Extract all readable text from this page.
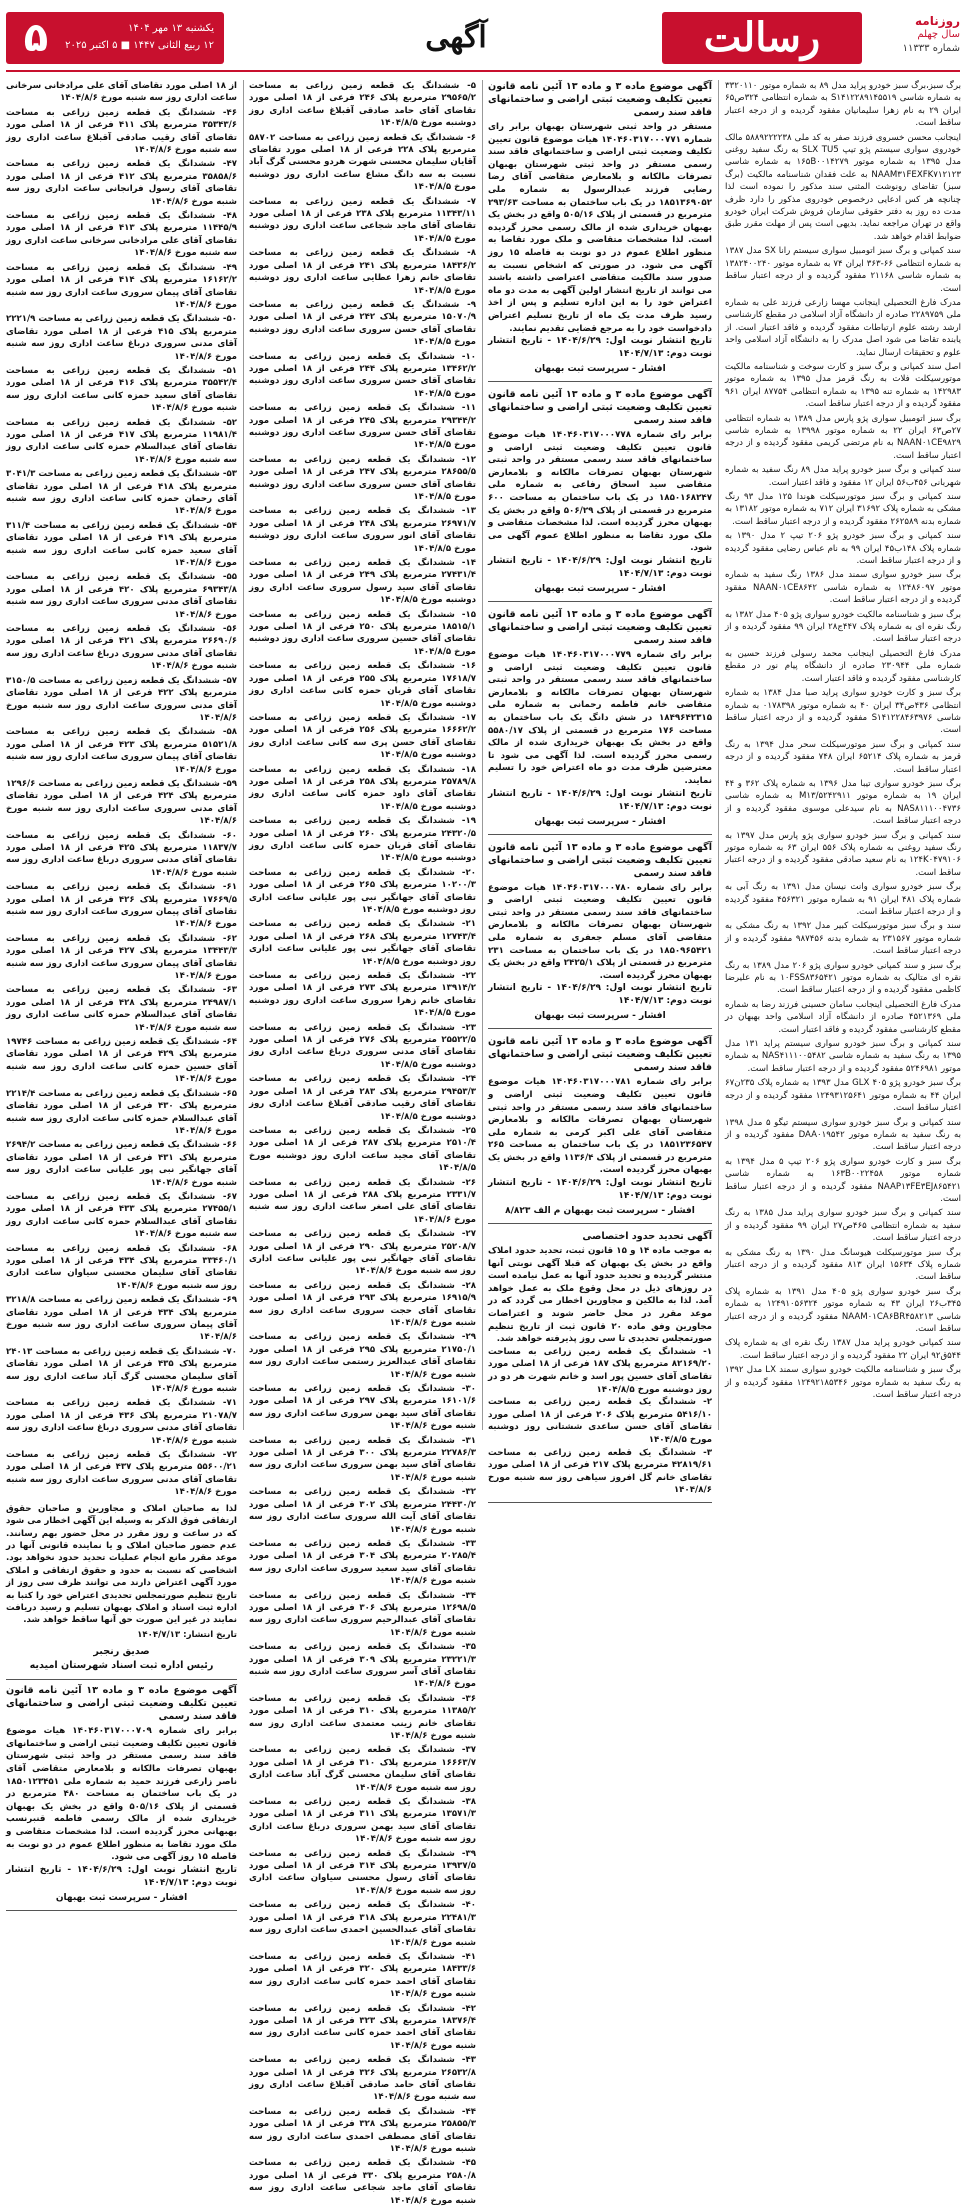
رسالت	روزنامه
سال چهلم
شماره ۱۱۳۳۳
آگهی
۵	یکشنبه ۱۳ مهر ۱۴۰۴
۱۲ ربیع الثانی ۱۴۴۷ ■ ۵ اکتبر ۲۰۲۵
برگ سبز،برگ سبز خودرو پراید مدل ۸۹ به شماره موتور ۳۳۲۰۱۱۰ به شماره شاسی S۱۴۱۲۲۸۹۱۴۵۵۱۹ به شماره انتظامی ۳۲۴ص۶۵ ایران ۲۹ به نام زهرا سلیمانیان مفقود گردیده و از درجه اعتبار ساقط است.
اینجانب محسن خسروی فرزند صفر به کد ملی ۵۸۸۹۲۲۲۲۳۸ مالک خودروی سواری سیستم پژو تیپ SLX TU5 به رنگ سفید روغنی مدل ۱۳۹۵ به شماره موتور ۱۶۵B۰۰۱۴۲۷۹ به شماره شاسی NAAM۳۱FEXFK۷۱۲۱۲۳ به علت فقدان شناسنامه مالکیت (برگ سبز) تقاضای رونوشت المثنی سند مذکور را نموده است لذا چنانچه هر کس ادعایی درخصوص خودروی مذکور را دارد ظرف مدت ده روز به دفتر حقوقی سازمان فروش شرکت ایران خودرو واقع در تهران مراجعه نماید. بدیهی است پس از مهلت مقرر طبق ضوابط اقدام خواهد شد.
سند کمپانی و برگ سبز اتومبیل سواری سیستم رانا SX مدل ۱۳۸۷ به شماره انتظامی ۶۶-۳۶۳ ایران ۷۴ به شماره موتور ۱۳۸۲۴۰۰۲۴۰ به شماره شاسی ۲۱۱۶۸ مفقود گردیده و از درجه اعتبار ساقط است.
مدرک فارغ التحصیلی اینجانب مهسا زارعی فرزند علی به شماره ملی ۲۲۸۹۷۵۹ صادره از دانشگاه آزاد اسلامی در مقطع کارشناسی ارشد رشته علوم ارتباطات مفقود گردیده و فاقد اعتبار است. از یابنده تقاضا می شود اصل مدرک را به دانشگاه آزاد اسلامی واحد علوم و تحقیقات ارسال نماید.
اصل سند کمپانی و برگ سبز و کارت سوخت و شناسنامه مالکیت موتورسیکلت فلات به رنگ قرمز مدل ۱۳۹۵ به شماره موتور ۱۴۲۹۸۳ به شماره تنه ۱۳۹۵ به شماره انتظامی ۸۷۷۵۴ ایران ۹۶۱ مفقود گردیده و از درجه اعتبار ساقط است.
برگ سبز اتومبیل سواری پژو پارس مدل ۱۳۸۹ به شماره انتظامی ۲۷ص۶۳ ایران ۲۲ به شماره موتور ۱۳۹۹۸ به شماره شاسی NAAN۰۱CE۹۸۲۹ به نام مرتضی کریمی مفقود گردیده و از درجه اعتبار ساقط است.
سند کمپانی و برگ سبز خودرو پراید مدل ۸۹ رنگ سفید به شماره شهربانی ۴۵۶ب۵۶ ایران ۱۲ مفقود و فاقد اعتبار است.
سند کمپانی و برگ سبز موتورسیکلت هوندا ۱۲۵ مدل ۹۳ رنگ مشکی به شماره پلاک ۳۱۶۹۲ ایران ۷۱۲ به شماره موتور ۱۳۱۸۲ به شماره بدنه ۲۶۲۵۸۹ مفقود گردیده و از درجه اعتبار ساقط است.
سند کمپانی و برگ سبز خودرو پژو ۲۰۶ تیپ ۲ مدل ۱۳۹۰ به شماره پلاک ۱۴۸ب۴۵ ایران ۹۹ به نام عباس رضایی مفقود گردیده و از درجه اعتبار ساقط است.
برگ سبز خودرو سواری سمند مدل ۱۳۸۶ رنگ سفید به شماره موتور ۱۲۴۸۶۰۹۷ به شماره شاسی NAAN۰۱CE۸۶۴۲ مفقود گردیده و از درجه اعتبار ساقط است.
برگ سبز و شناسنامه مالکیت خودرو سواری پژو ۴۰۵ مدل ۱۳۸۲ به رنگ نقره ای به شماره پلاک ۴۴۷ج۲۸ ایران ۹۹ مفقود گردیده و از درجه اعتبار ساقط است.
مدرک فارغ التحصیلی اینجانب محمد رسولی فرزند حسین به شماره ملی ۲۳۰۹۴۴ صادره از دانشگاه پیام نور در مقطع کارشناسی مفقود گردیده و فاقد اعتبار است.
برگ سبز و کارت خودرو سواری پراید صبا مدل ۱۳۸۴ به شماره انتظامی ۴۳۶ص۳۴ ایران ۴۰ به شماره موتور ۰۱۷۸۳۹۸ به شماره شاسی S۱۴۱۲۲۸۴۶۳۹۷۶ مفقود گردیده و از درجه اعتبار ساقط است.
سند کمپانی و برگ سبز موتورسیکلت سحر مدل ۱۳۹۴ به رنگ قرمز به شماره پلاک ۶۵۲۱۴ ایران ۷۴۸ مفقود گردیده و از درجه اعتبار ساقط است.
برگ سبز خودرو سواری تیبا مدل ۱۳۹۶ به شماره پلاک ۳۶۲ و ۴۴ ایران ۱۹ به شماره موتور M۱۳/۵۲۴۲۹۱۱ به شماره شاسی NAS۸۱۱۱۰۰۴۷۳۶ به نام سیدعلی موسوی مفقود گردیده و از درجه اعتبار ساقط است.
سند کمپانی و برگ سبز خودرو سواری پژو پارس مدل ۱۳۹۷ به رنگ سفید روغنی به شماره پلاک ۵۵۶ ایران ۶۳ به شماره موتور ۱۲۴K۰۴۷۹۱۰۶ به نام سعید صادقی مفقود گردیده و از درجه اعتبار ساقط است.
برگ سبز خودرو سواری وانت نیسان مدل ۱۳۹۱ به رنگ آبی به شماره پلاک ۴۸۱ ایران ۹۱ به شماره موتور ۴۵۶۳۲۱ مفقود گردیده و از درجه اعتبار ساقط است.
سند و برگ سبز موتورسیکلت کبیر مدل ۱۳۹۲ به رنگ مشکی به شماره موتور ۲۳۱۵۶۷ به شماره بدنه ۹۸۷۴۵۶ مفقود گردیده و از درجه اعتبار ساقط است.
برگ سبز و سند کمپانی خودرو سواری پژو ۲۰۶ مدل ۱۳۸۹ به رنگ نقره ای متالیک به شماره موتور ۱۰FSS۸۳۶۵۴۲۱ به نام علیرضا کاظمی مفقود گردیده و از درجه اعتبار ساقط است.
مدرک فارغ التحصیلی اینجانب سامان حسینی فرزند رضا به شماره ملی ۴۵۲۱۳۶۹ صادره از دانشگاه آزاد اسلامی واحد بهبهان در مقطع کارشناسی مفقود گردیده و فاقد اعتبار است.
سند کمپانی و برگ سبز خودرو سواری سیستم پراید ۱۳۱ مدل ۱۳۹۵ به رنگ سفید به شماره شاسی NAS۴۱۱۱۰۰۵۴۸۲ به شماره موتور ۵۲۴۶۹۸۱ مفقود گردیده و از درجه اعتبار ساقط است.
برگ سبز خودرو پژو ۴۰۵ GLX مدل ۱۳۹۳ به شماره پلاک ۲۳۵ن۶۷ ایران ۴۴ به شماره موتور ۱۲۴۹۳۱۲۵۶۴۱ مفقود گردیده و از درجه اعتبار ساقط است.
سند کمپانی و برگ سبز خودرو سواری سیستم تیگو ۵ مدل ۱۳۹۸ به رنگ سفید به شماره موتور DAA۰۱۹۵۴۲ مفقود گردیده و از درجه اعتبار ساقط است.
برگ سبز و کارت خودرو سواری پژو ۲۰۶ تیپ ۵ مدل ۱۳۹۴ به شماره موتور ۱۶۳B۰۰۲۲۴۵۸ به شماره شاسی NAAP۱۳FE۳EJ۸۶۵۴۲۱ مفقود گردیده و از درجه اعتبار ساقط است.
سند کمپانی و برگ سبز خودرو سواری پراید مدل ۱۳۸۵ به رنگ سفید به شماره انتظامی ۴۶۵ص۲۷ ایران ۹۹ مفقود گردیده و از درجه اعتبار ساقط است.
برگ سبز موتورسیکلت هیوسانگ مدل ۱۳۹۰ به رنگ مشکی به شماره پلاک ۱۵۶۳۴ ایران ۸۱۳ مفقود گردیده و از درجه اعتبار ساقط است.
برگ سبز خودرو سواری پژو ۴۰۵ مدل ۱۳۹۱ به شماره پلاک ۳۴۵ب۲۶ ایران ۴۳ به شماره موتور ۱۲۴۹۱۰۵۶۳۲۴ به شماره شاسی NAAM۰۱CA۶BR۴۵۸۲۱۳ مفقود گردیده و از درجه اعتبار ساقط است.
سند کمپانی خودرو پراید مدل ۱۳۸۷ رنگ نقره ای به شماره پلاک ۵۴۴ق۹۲ ایران ۲۲ مفقود گردیده و از درجه اعتبار ساقط است.
برگ سبز و شناسنامه مالکیت خودرو سواری سمند LX مدل ۱۳۹۲ به رنگ سفید به شماره موتور ۱۲۴۹۲۱۸۵۳۴۶ مفقود گردیده و از درجه اعتبار ساقط است.
آگهی موضوع ماده ۳ و ماده ۱۳ آئین نامه قانون تعیین تکلیف وضعیت ثبتی اراضی و ساختمانهای فاقد سند رسمی
مستقر در واحد ثبتی شهرستان بهبهان برابر رای شماره ۱۴۰۴۶۰۳۱۷۰۰۰۷۷۱ هیات موضوع قانون تعیین تکلیف وضعیت ثبتی اراضی و ساختمانهای فاقد سند رسمی مستقر در واحد ثبتی شهرستان بهبهان تصرفات مالکانه و بلامعارض متقاضی آقای رضا رضایی فرزند عبدالرسول به شماره ملی ۱۸۵۱۳۶۹۰۵۲ در یک باب ساختمان به مساحت ۲۹۳/۶۳ مترمربع در قسمتی از پلاک ۵۰۵/۱۶ واقع در بخش یک بهبهان خریداری شده از مالک رسمی محرز گردیده است. لذا مشخصات متقاضی و ملک مورد تقاضا به منظور اطلاع عموم در دو نوبت به فاصله ۱۵ روز آگهی می شود. در صورتی که اشخاص نسبت به صدور سند مالکیت متقاضی اعتراضی داشته باشند می توانند از تاریخ انتشار اولین آگهی به مدت دو ماه اعتراض خود را به این اداره تسلیم و پس از اخذ رسید ظرف مدت یک ماه از تاریخ تسلیم اعتراض دادخواست خود را به مرجع قضایی تقدیم نمایند.
تاریخ انتشار نوبت اول: ۱۴۰۴/۶/۲۹ - تاریخ انتشار نوبت دوم: ۱۴۰۴/۷/۱۳
افشار - سرپرست ثبت بهبهان
آگهی موضوع ماده ۳ و ماده ۱۳ آئین نامه قانون تعیین تکلیف وضعیت ثبتی اراضی و ساختمانهای فاقد سند رسمی
برابر رای شماره ۱۴۰۴۶۰۳۱۷۰۰۰۷۷۸ هیات موضوع قانون تعیین تکلیف وضعیت ثبتی اراضی و ساختمانهای فاقد سند رسمی مستقر در واحد ثبتی شهرستان بهبهان تصرفات مالکانه و بلامعارض متقاضی سید اسحاق رفاعی به شماره ملی ۱۸۵۰۱۶۸۲۴۷ در یک باب ساختمان به مساحت ۶۰۰ مترمربع در قسمتی از پلاک ۵۰۶/۲۹ واقع در بخش یک بهبهان محرز گردیده است. لذا مشخصات متقاضی و ملک مورد تقاضا به منظور اطلاع عموم آگهی می شود.
تاریخ انتشار نوبت اول: ۱۴۰۴/۶/۲۹ - تاریخ انتشار نوبت دوم: ۱۴۰۴/۷/۱۳
افشار - سرپرست ثبت بهبهان
آگهی موضوع ماده ۳ و ماده ۱۳ آئین نامه قانون تعیین تکلیف وضعیت ثبتی اراضی و ساختمانهای فاقد سند رسمی
برابر رای شماره ۱۴۰۴۶۰۳۱۷۰۰۰۷۷۹ هیات موضوع قانون تعیین تکلیف وضعیت ثبتی اراضی و ساختمانهای فاقد سند رسمی مستقر در واحد ثبتی شهرستان بهبهان تصرفات مالکانه و بلامعارض متقاضی خانم فاطمه رحمانی به شماره ملی ۱۸۴۹۶۴۲۳۱۵ در شش دانگ یک باب ساختمان به مساحت ۱۷۶ مترمربع در قسمتی از پلاک ۵۵۸۰/۱۷ واقع در بخش یک بهبهان خریداری شده از مالک رسمی محرز گردیده است. لذا آگهی می شود تا معترضین ظرف مدت دو ماه اعتراض خود را تسلیم نمایند.
تاریخ انتشار نوبت اول: ۱۴۰۴/۶/۲۹ - تاریخ انتشار نوبت دوم: ۱۴۰۴/۷/۱۳
افشار - سرپرست ثبت بهبهان
آگهی موضوع ماده ۳ و ماده ۱۳ آئین نامه قانون تعیین تکلیف وضعیت ثبتی اراضی و ساختمانهای فاقد سند رسمی
برابر رای شماره ۱۴۰۴۶۰۳۱۷۰۰۰۷۸۰ هیات موضوع قانون تعیین تکلیف وضعیت ثبتی اراضی و ساختمانهای فاقد سند رسمی مستقر در واحد ثبتی شهرستان بهبهان تصرفات مالکانه و بلامعارض متقاضی آقای مسلم جعفری به شماره ملی ۱۸۵۰۹۶۵۴۲۱ در یک باب ساختمان به مساحت ۲۳۱ مترمربع در قسمتی از پلاک ۲۴۲۵/۱ واقع در بخش یک بهبهان محرز گردیده است.
تاریخ انتشار نوبت اول: ۱۴۰۴/۶/۲۹ - تاریخ انتشار نوبت دوم: ۱۴۰۴/۷/۱۳
افشار - سرپرست ثبت بهبهان
آگهی موضوع ماده ۳ و ماده ۱۳ آئین نامه قانون تعیین تکلیف وضعیت ثبتی اراضی و ساختمانهای فاقد سند رسمی
برابر رای شماره ۱۴۰۴۶۰۳۱۷۰۰۰۷۸۱ هیات موضوع قانون تعیین تکلیف وضعیت ثبتی اراضی و ساختمانهای فاقد سند رسمی مستقر در واحد ثبتی شهرستان بهبهان تصرفات مالکانه و بلامعارض متقاضی آقای علی اکبر کرمی به شماره ملی ۱۸۵۱۲۳۶۵۴۷ در یک باب ساختمان به مساحت ۲۶۵ مترمربع در قسمتی از پلاک ۱۱۳۶/۴ واقع در بخش یک بهبهان محرز گردیده است.
تاریخ انتشار نوبت اول: ۱۴۰۴/۶/۲۹ - تاریخ انتشار نوبت دوم: ۱۴۰۴/۷/۱۳
افشار - سرپرست ثبت بهبهان م الف ۸/۸۲۳
آگهی تحدید حدود اختصاصی
به موجب ماده ۱۴ و ۱۵ قانون ثبت، تحدید حدود املاک واقع در بخش یک بهبهان که قبلا آگهی نوبتی آنها منتشر گردیده و تحدید حدود آنها به عمل نیامده است در روزهای ذیل در محل وقوع ملک به عمل خواهد آمد. لذا به مالکین و مجاورین اخطار می گردد که در موعد مقرر در محل حاضر شوند و اعتراضات مجاورین وفق ماده ۲۰ قانون ثبت از تاریخ تنظیم صورتمجلس تحدیدی تا سی روز پذیرفته خواهد شد.
۱- ششدانگ یک قطعه زمین زراعی به مساحت ۸۲۱۶۹/۲۰ مترمربع پلاک ۱۸۷ فرعی از ۱۸ اصلی مورد تقاضای آقای حسین پور اسد و خانم شهرت هر دو در روز دوشنبه مورخ ۱۴۰۴/۸/۵
۲- ششدانگ یک قطعه زمین زراعی به مساحت ۵۴۱۶/۱۰ مترمربع پلاک ۲۰۶ فرعی از ۱۸ اصلی مورد تقاضای آقای حسن ساعدی ششتانی روز دوشنبه مورخ ۱۴۰۴/۸/۵
۳- ششدانگ یک قطعه زمین زراعی به مساحت ۴۲۸۱۹/۶۱ مترمربع پلاک ۲۱۷ فرعی از ۱۸ اصلی مورد تقاضای خانم گل افروز سیاهی روز سه شنبه مورخ ۱۴۰۴/۸/۶
۵- ششدانگ یک قطعه زمین زراعی به مساحت ۲۹۵۶۵/۲ مترمربع پلاک ۲۴۶ فرعی از ۱۸ اصلی مورد تقاضای آقای حامد صادقی آقبلاغ ساعت اداری روز دوشنبه مورخ ۱۴۰۴/۸/۵
۶- ششدانگ یک قطعه زمین زراعی به مساحت ۵۸۷۰۲ مترمربع پلاک ۲۲۸ فرعی از ۱۸ اصلی مورد تقاضای آقایان سلیمان محسنی شهرت هردو محسنی گرگ آباد نسبت به سه دانگ مشاع ساعت اداری روز دوشنبه مورخ ۱۴۰۴/۸/۵
۷- ششدانگ یک قطعه زمین زراعی به مساحت ۱۱۳۴۳/۱۱ مترمربع پلاک ۲۳۸ فرعی از ۱۸ اصلی مورد تقاضای آقای ماجد شجاعی ساعت اداری روز دوشنبه مورخ ۱۴۰۴/۸/۵
۸- ششدانگ یک قطعه زمین زراعی به مساحت ۱۸۴۳۶/۲ مترمربع پلاک ۲۴۱ فرعی از ۱۸ اصلی مورد تقاضای خانم زهرا عطایی ساعت اداری روز دوشنبه مورخ ۱۴۰۴/۸/۵
۹- ششدانگ یک قطعه زمین زراعی به مساحت ۱۵۰۷۰/۹ مترمربع پلاک ۲۴۲ فرعی از ۱۸ اصلی مورد تقاضای آقای حسن سروری ساعت اداری روز دوشنبه مورخ ۱۴۰۴/۸/۵
۱۰- ششدانگ یک قطعه زمین زراعی به مساحت ۱۳۴۶۲/۲ مترمربع پلاک ۲۴۴ فرعی از ۱۸ اصلی مورد تقاضای آقای حسن سروری ساعت اداری روز دوشنبه مورخ ۱۴۰۴/۸/۵
۱۱- ششدانگ یک قطعه زمین زراعی به مساحت ۲۹۳۴۴/۲ مترمربع پلاک ۲۴۵ فرعی از ۱۸ اصلی مورد تقاضای آقای حسن سروری ساعت اداری روز دوشنبه مورخ ۱۴۰۴/۸/۵
۱۲- ششدانگ یک قطعه زمین زراعی به مساحت ۲۸۶۵۵/۵ مترمربع پلاک ۲۴۷ فرعی از ۱۸ اصلی مورد تقاضای آقای حسن سروری ساعت اداری روز دوشنبه مورخ ۱۴۰۴/۸/۵
۱۳- ششدانگ یک قطعه زمین زراعی به مساحت ۲۶۹۷۱/۷ مترمربع پلاک ۲۴۸ فرعی از ۱۸ اصلی مورد تقاضای آقای انور سروری ساعت اداری روز دوشنبه مورخ ۱۴۰۴/۸/۵
۱۴- ششدانگ یک قطعه زمین زراعی به مساحت ۲۷۴۳۱/۴ مترمربع پلاک ۲۴۹ فرعی از ۱۸ اصلی مورد تقاضای آقای سید رسول سروری ساعت اداری روز دوشنبه مورخ ۱۴۰۴/۸/۵
۱۵- ششدانگ یک قطعه زمین زراعی به مساحت ۱۸۵۱۵/۱ مترمربع پلاک ۲۵۰ فرعی از ۱۸ اصلی مورد تقاضای آقای حسین سروری ساعت اداری روز دوشنبه مورخ ۱۴۰۴/۸/۵
۱۶- ششدانگ یک قطعه زمین زراعی به مساحت ۱۷۶۱۸/۷ مترمربع پلاک ۲۵۵ فرعی از ۱۸ اصلی مورد تقاضای آقای قربان حمزه کانی ساعت اداری روز دوشنبه مورخ ۱۴۰۴/۸/۵
۱۷- ششدانگ یک قطعه زمین زراعی به مساحت ۱۶۶۶۲/۲ مترمربع پلاک ۲۵۶ فرعی از ۱۸ اصلی مورد تقاضای آقای حسن پری سه کانی ساعت اداری روز دوشنبه مورخ ۱۴۰۴/۸/۵
۱۸- ششدانگ یک قطعه زمین زراعی به مساحت ۲۵۷۸۹/۸ مترمربع پلاک ۲۵۸ فرعی از ۱۸ اصلی مورد تقاضای آقای داود حمزه کانی ساعت اداری روز دوشنبه مورخ ۱۴۰۴/۸/۵
۱۹- ششدانگ یک قطعه زمین زراعی به مساحت ۲۴۳۲۰/۵ مترمربع پلاک ۲۶۰ فرعی از ۱۸ اصلی مورد تقاضای آقای قربان حمزه کانی ساعت اداری روز دوشنبه مورخ ۱۴۰۴/۸/۵
۲۰- ششدانگ یک قطعه زمین زراعی به مساحت ۱۰۲۰۰/۳ مترمربع پلاک ۲۶۵ فرعی از ۱۸ اصلی مورد تقاضای آقای جهانگیر نبی پور علیانی ساعت اداری روز دوشنبه مورخ ۱۴۰۴/۸/۵
۲۱- ششدانگ یک قطعه زمین زراعی به مساحت ۱۲۷۴۳/۴ مترمربع پلاک ۲۶۸ فرعی از ۱۸ اصلی مورد تقاضای آقای جهانگیر نبی پور علیانی ساعت اداری روز دوشنبه مورخ ۱۴۰۴/۸/۵
۲۲- ششدانگ یک قطعه زمین زراعی به مساحت ۱۳۹۱۴/۲ مترمربع پلاک ۲۷۳ فرعی از ۱۸ اصلی مورد تقاضای خانم زهرا سروری ساعت اداری روز دوشنبه مورخ ۱۴۰۴/۸/۵
۲۳- ششدانگ یک قطعه زمین زراعی به مساحت ۲۵۵۲۲/۵ مترمربع پلاک ۲۷۶ فرعی از ۱۸ اصلی مورد تقاضای آقای مدنی سروری درباغ ساعت اداری روز دوشنبه مورخ ۱۴۰۴/۸/۵
۲۴- ششدانگ یک قطعه زمین زراعی به مساحت ۲۹۴۵۳/۳ مترمربع پلاک ۲۸۳ فرعی از ۱۸ اصلی مورد تقاضای آقای رقیب صادقی آقبلاغ ساعت اداری روز دوشنبه مورخ ۱۴۰۴/۸/۵
۲۵- ششدانگ یک قطعه زمین زراعی به مساحت ۲۵۱۰/۴ مترمربع پلاک ۲۸۷ فرعی از ۱۸ اصلی مورد تقاضای آقای مجید ساعت اداری روز دوشنبه مورخ ۱۴۰۴/۸/۵
۲۶- ششدانگ یک قطعه زمین زراعی به مساحت ۲۳۳۱/۷ مترمربع پلاک ۲۸۸ فرعی از ۱۸ اصلی مورد تقاضای آقای علی اصغر ساعت اداری روز سه شنبه مورخ ۱۴۰۴/۸/۶
۲۷- ششدانگ یک قطعه زمین زراعی به مساحت ۲۵۲۰۸/۷ مترمربع پلاک ۲۹۰ فرعی از ۱۸ اصلی مورد تقاضای آقای جهانگیر نبی پور علیانی ساعت اداری روز سه شنبه مورخ ۱۴۰۴/۸/۶
۲۸- ششدانگ یک قطعه زمین زراعی به مساحت ۱۶۹۱۵/۹ مترمربع پلاک ۲۹۳ فرعی از ۱۸ اصلی مورد تقاضای آقای حجت سروری ساعت اداری روز سه شنبه مورخ ۱۴۰۴/۸/۶
۲۹- ششدانگ یک قطعه زمین زراعی به مساحت ۲۱۷۵۰/۱ مترمربع پلاک ۲۹۵ فرعی از ۱۸ اصلی مورد تقاضای آقای عبدالعزیز رستمی ساعت اداری روز سه شنبه مورخ ۱۴۰۴/۸/۶
۳۰- ششدانگ یک قطعه زمین زراعی به مساحت ۱۶۱۰۱/۶ مترمربع پلاک ۲۹۷ فرعی از ۱۸ اصلی مورد تقاضای آقای سید بهمن سروری ساعت اداری روز سه شنبه مورخ ۱۴۰۴/۸/۶
۳۱- ششدانگ یک قطعه زمین زراعی به مساحت ۲۲۷۸۶/۳ مترمربع پلاک ۳۰۰ فرعی از ۱۸ اصلی مورد تقاضای آقای سید بهمن سروری ساعت اداری روز سه شنبه مورخ ۱۴۰۴/۸/۶
۳۲- ششدانگ یک قطعه زمین زراعی به مساحت ۲۴۴۳۰/۲ مترمربع پلاک ۳۰۲ فرعی از ۱۸ اصلی مورد تقاضای آقای آیت الله سروری ساعت اداری روز سه شنبه مورخ ۱۴۰۴/۸/۶
۳۳- ششدانگ یک قطعه زمین زراعی به مساحت ۲۰۲۸۵/۴ مترمربع پلاک ۳۰۴ فرعی از ۱۸ اصلی مورد تقاضای آقای سید سعید سروری ساعت اداری روز سه شنبه مورخ ۱۴۰۴/۸/۶
۳۴- ششدانگ یک قطعه زمین زراعی به مساحت ۱۲۶۹۸/۵ مترمربع پلاک ۳۰۶ فرعی از ۱۸ اصلی مورد تقاضای آقای عبدالرحیم سروری ساعت اداری روز سه شنبه مورخ ۱۴۰۴/۸/۶
۳۵- ششدانگ یک قطعه زمین زراعی به مساحت ۲۳۲۲۱/۳ مترمربع پلاک ۳۰۹ فرعی از ۱۸ اصلی مورد تقاضای آقای آسر سروری ساعت اداری روز سه شنبه مورخ ۱۴۰۴/۸/۶
۳۶- ششدانگ یک قطعه زمین زراعی به مساحت ۱۱۳۸۵/۲ مترمربع پلاک ۳۱۰ فرعی از ۱۸ اصلی مورد تقاضای خانم زینب معتمدی ساعت اداری روز سه شنبه مورخ ۱۴۰۴/۸/۶
۳۷- ششدانگ یک قطعه زمین زراعی به مساحت ۱۶۶۶۳/۷ مترمربع پلاک ۳۱۰ فرعی از ۱۸ اصلی مورد تقاضای آقای سلیمان محسنی گرگ آباد ساعت اداری روز سه شنبه مورخ ۱۴۰۴/۸/۶
۳۸- ششدانگ یک قطعه زمین زراعی به مساحت ۱۳۵۷۱/۳ مترمربع پلاک ۳۱۱ فرعی از ۱۸ اصلی مورد تقاضای آقای سید بهمن سروری درباغ ساعت اداری روز سه شنبه مورخ ۱۴۰۴/۸/۶
۳۹- ششدانگ یک قطعه زمین زراعی به مساحت ۱۳۹۳۷/۵ مترمربع پلاک ۳۱۴ فرعی از ۱۸ اصلی مورد تقاضای آقای رسول محسنی سیاوان ساعت اداری روز سه شنبه مورخ ۱۴۰۴/۸/۶
۴۰- ششدانگ یک قطعه زمین زراعی به مساحت ۲۲۴۸۱/۳ مترمربع پلاک ۳۱۸ فرعی از ۱۸ اصلی مورد تقاضای آقای عبدالحسین احمدی ساعت اداری روز سه شنبه مورخ ۱۴۰۴/۸/۶
۴۱- ششدانگ یک قطعه زمین زراعی به مساحت ۱۸۴۳۳/۶ مترمربع پلاک ۳۲۰ فرعی از ۱۸ اصلی مورد تقاضای آقای احمد حمزه کانی ساعت اداری روز سه شنبه مورخ ۱۴۰۴/۸/۶
۴۲- ششدانگ یک قطعه زمین زراعی به مساحت ۱۸۳۷۶/۴ مترمربع پلاک ۳۲۳ فرعی از ۱۸ اصلی مورد تقاضای آقای احمد حمزه کانی ساعت اداری روز سه شنبه مورخ ۱۴۰۴/۸/۶
۴۳- ششدانگ یک قطعه زمین زراعی به مساحت ۲۶۵۳۲/۸ مترمربع پلاک ۳۲۶ فرعی از ۱۸ اصلی مورد تقاضای آقای حامد صادقی آقبلاغ ساعت اداری روز سه شنبه مورخ ۱۴۰۴/۸/۶
۴۴- ششدانگ یک قطعه زمین زراعی به مساحت ۲۵۸۵۵/۳ مترمربع پلاک ۳۲۸ فرعی از ۱۸ اصلی مورد تقاضای آقای مصطفی احمدی ساعت اداری روز سه شنبه مورخ ۱۴۰۴/۸/۶
۴۵- ششدانگ یک قطعه زمین زراعی به مساحت ۲۵۸۰/۸ مترمربع پلاک ۳۳۰ فرعی از ۱۸ اصلی مورد تقاضای آقای ماجد شجاعی ساعت اداری روز سه شنبه مورخ ۱۴۰۴/۸/۶
از ۱۸ اصلی مورد تقاضای آقای علی مرادخانی سرخانی ساعت اداری روز سه شنبه مورخ ۱۴۰۴/۸/۶
۴۶- ششدانگ یک قطعه زمین زراعی به مساحت ۳۵۳۴۳/۶ مترمربع پلاک ۴۱۱ فرعی از ۱۸ اصلی مورد تقاضای آقای رقیب صادقی آقبلاغ ساعت اداری روز سه شنبه مورخ ۱۴۰۴/۸/۶
۴۷- ششدانگ یک قطعه زمین زراعی به مساحت ۳۵۸۵۸/۶ مترمربع پلاک ۴۱۲ فرعی از ۱۸ اصلی مورد تقاضای آقای رسول فرانجانی ساعت اداری روز سه شنبه مورخ ۱۴۰۴/۸/۶
۴۸- ششدانگ یک قطعه زمین زراعی به مساحت ۱۱۴۴۵/۹ مترمربع پلاک ۴۱۳ فرعی از ۱۸ اصلی مورد تقاضای آقای علی مرادخانی سرخانی ساعت اداری روز سه شنبه مورخ ۱۴۰۴/۸/۶
۴۹- ششدانگ یک قطعه زمین زراعی به مساحت ۱۶۱۶۲/۲ مترمربع پلاک ۴۱۴ فرعی از ۱۸ اصلی مورد تقاضای آقای پیمان سروری ساعت اداری روز سه شنبه مورخ ۱۴۰۴/۸/۶
۵۰- ششدانگ یک قطعه زمین زراعی به مساحت ۲۲۲۱/۹ مترمربع پلاک ۴۱۵ فرعی از ۱۸ اصلی مورد تقاضای آقای مدنی سروری درباغ ساعت اداری روز سه شنبه مورخ ۱۴۰۴/۸/۶
۵۱- ششدانگ یک قطعه زمین زراعی به مساحت ۳۵۵۴۲/۴ مترمربع پلاک ۴۱۶ فرعی از ۱۸ اصلی مورد تقاضای آقای سعید حمزه کانی ساعت اداری روز سه شنبه مورخ ۱۴۰۴/۸/۶
۵۲- ششدانگ یک قطعه زمین زراعی به مساحت ۱۱۹۸۱/۴ مترمربع پلاک ۴۱۷ فرعی از ۱۸ اصلی مورد تقاضای آقای عبدالسلام حمزه کانی ساعت اداری روز سه شنبه مورخ ۱۴۰۴/۸/۶
۵۳- ششدانگ یک قطعه زمین زراعی به مساحت ۳۰۴۱/۳ مترمربع پلاک ۴۱۸ فرعی از ۱۸ اصلی مورد تقاضای آقای رحمان حمزه کانی ساعت اداری روز سه شنبه مورخ ۱۴۰۴/۸/۶
۵۴- ششدانگ یک قطعه زمین زراعی به مساحت ۳۱۱/۴ مترمربع پلاک ۴۱۹ فرعی از ۱۸ اصلی مورد تقاضای آقای سعید حمزه کانی ساعت اداری روز سه شنبه مورخ ۱۴۰۴/۸/۶
۵۵- ششدانگ یک قطعه زمین زراعی به مساحت ۶۹۳۴۳/۸ مترمربع پلاک ۴۲۰ فرعی از ۱۸ اصلی مورد تقاضای آقای مدنی سروری ساعت اداری روز سه شنبه مورخ ۱۴۰۴/۸/۶
۵۶- ششدانگ یک قطعه زمین زراعی به مساحت ۲۶۶۹۰/۶ مترمربع پلاک ۴۲۱ فرعی از ۱۸ اصلی مورد تقاضای آقای مدنی سروری درباغ ساعت اداری روز سه شنبه مورخ ۱۴۰۴/۸/۶
۵۷- ششدانگ یک قطعه زمین زراعی به مساحت ۳۱۵۰/۵ مترمربع پلاک ۴۲۲ فرعی از ۱۸ اصلی مورد تقاضای آقای مدنی سروری ساعت اداری روز سه شنبه مورخ ۱۴۰۴/۸/۶
۵۸- ششدانگ یک قطعه زمین زراعی به مساحت ۵۱۵۲۱/۸ مترمربع پلاک ۴۲۳ فرعی از ۱۸ اصلی مورد تقاضای آقای پیمان سروری ساعت اداری روز سه شنبه مورخ ۱۴۰۴/۸/۶
۵۹- ششدانگ یک قطعه زمین زراعی به مساحت ۱۲۹۶/۶ مترمربع پلاک ۴۲۴ فرعی از ۱۸ اصلی مورد تقاضای آقای مدنی سروری ساعت اداری روز سه شنبه مورخ ۱۴۰۴/۸/۶
۶۰- ششدانگ یک قطعه زمین زراعی به مساحت ۱۱۸۳۷/۷ مترمربع پلاک ۴۲۵ فرعی از ۱۸ اصلی مورد تقاضای آقای مدنی سروری درباغ ساعت اداری روز سه شنبه مورخ ۱۴۰۴/۸/۶
۶۱- ششدانگ یک قطعه زمین زراعی به مساحت ۱۷۶۶۹/۵ مترمربع پلاک ۴۲۶ فرعی از ۱۸ اصلی مورد تقاضای آقای پیمان سروری ساعت اداری روز سه شنبه مورخ ۱۴۰۴/۸/۶
۶۲- ششدانگ یک قطعه زمین زراعی به مساحت ۱۳۴۴۳/۳ مترمربع پلاک ۴۲۷ فرعی از ۱۸ اصلی مورد تقاضای آقای پیمان سروری ساعت اداری روز سه شنبه مورخ ۱۴۰۴/۸/۶
۶۳- ششدانگ یک قطعه زمین زراعی به مساحت ۲۴۹۸۷/۱ مترمربع پلاک ۴۲۸ فرعی از ۱۸ اصلی مورد تقاضای آقای عبدالسلام حمزه کانی ساعت اداری روز سه شنبه مورخ ۱۴۰۴/۸/۶
۶۴- ششدانگ یک قطعه زمین زراعی به مساحت ۱۹۷۴۶ مترمربع پلاک ۴۲۹ فرعی از ۱۸ اصلی مورد تقاضای آقای حسین حمزه کانی ساعت اداری روز سه شنبه مورخ ۱۴۰۴/۸/۶
۶۵- ششدانگ یک قطعه زمین زراعی به مساحت ۲۲۱۴/۴ مترمربع پلاک ۴۳۰ فرعی از ۱۸ اصلی مورد تقاضای آقای عبدالسلام حمزه کانی ساعت اداری روز سه شنبه مورخ ۱۴۰۴/۸/۶
۶۶- ششدانگ یک قطعه زمین زراعی به مساحت ۲۶۹۴/۲ مترمربع پلاک ۴۳۱ فرعی از ۱۸ اصلی مورد تقاضای آقای جهانگیر نبی پور علیانی ساعت اداری روز سه شنبه مورخ ۱۴۰۴/۸/۶
۶۷- ششدانگ یک قطعه زمین زراعی به مساحت ۲۷۴۵۵/۱ مترمربع پلاک ۴۳۳ فرعی از ۱۸ اصلی مورد تقاضای آقای عبدالسلام حمزه کانی ساعت اداری روز سه شنبه مورخ ۱۴۰۴/۸/۶
۶۸- ششدانگ یک قطعه زمین زراعی به مساحت ۳۳۴۶۰/۱ مترمربع پلاک ۴۳۴ فرعی از ۱۸ اصلی مورد تقاضای آقای سلیمان محسنی سیاوان ساعت اداری روز سه شنبه مورخ ۱۴۰۴/۸/۶
۶۹- ششدانگ یک قطعه زمین زراعی به مساحت ۳۲۱۸/۸ مترمربع پلاک ۴۳۴ فرعی از ۱۸ اصلی مورد تقاضای آقای پیمان سروری ساعت اداری روز سه شنبه مورخ ۱۴۰۴/۸/۶
۷۰- ششدانگ یک قطعه زمین زراعی به مساحت ۲۴۰۱۳ مترمربع پلاک ۴۳۵ فرعی از ۱۸ اصلی مورد تقاضای آقای سلیمان محسنی گرگ آباد ساعت اداری روز سه شنبه مورخ ۱۴۰۴/۸/۶
۷۱- ششدانگ یک قطعه زمین زراعی به مساحت ۲۱۰۷۸/۷ مترمربع پلاک ۴۳۶ فرعی از ۱۸ اصلی مورد تقاضای آقای مدنی سروری درباغ ساعت اداری روز سه شنبه مورخ ۱۴۰۴/۸/۶
۷۲- ششدانگ یک قطعه زمین زراعی به مساحت ۵۵۶۰۰/۲۱ مترمربع پلاک ۴۳۷ فرعی از ۱۸ اصلی مورد تقاضای آقای مدنی سروری ساعت اداری روز سه شنبه مورخ ۱۴۰۴/۸/۶
لذا به صاحبان املاک و مجاورین و صاحبان حقوق ارتفاقی فوق الذکر به وسیله این آگهی اخطار می شود که در ساعت و روز مقرر در محل حضور بهم رسانند. عدم حضور صاحبان املاک و یا نماینده قانونی آنها در موعد مقرر مانع انجام عملیات تحدید حدود نخواهد بود. اشخاصی که نسبت به حدود و حقوق ارتفاقی و املاک مورد آگهی اعتراض دارند می توانند ظرف سی روز از تاریخ تنظیم صورتمجلس تحدیدی اعتراض خود را کتبا به اداره ثبت اسناد و املاک بهبهان تسلیم و رسید دریافت نمایند در غیر این صورت حق آنها ساقط خواهد شد.
تاریخ انتشار: ۱۴۰۴/۷/۱۳
صدیق رنجبر
رئیس اداره ثبت اسناد شهرستان امیدیه
آگهی موضوع ماده ۳ و ماده ۱۳ آئین نامه قانون تعیین تکلیف وضعیت ثبتی اراضی و ساختمانهای فاقد سند رسمی
برابر رای شماره ۱۴۰۴۶۰۳۱۷۰۰۰۷۰۹ هیات موضوع قانون تعیین تکلیف وضعیت ثبتی اراضی و ساختمانهای فاقد سند رسمی مستقر در واحد ثبتی شهرستان بهبهان تصرفات مالکانه و بلامعارض متقاضی آقای ناصر زارعی فرزند حمید به شماره ملی ۱۸۵۰۱۲۳۴۵۱ در یک باب ساختمان به مساحت ۴۸۰ مترمربع در قسمتی از پلاک ۵۰۵/۱۶ واقع در بخش یک بهبهان خریداری شده از مالک رسمی فاطمه قنبرنسب بهبهانی محرز گردیده است. لذا مشخصات متقاضی و ملک مورد تقاضا به منظور اطلاع عموم در دو نوبت به فاصله ۱۵ روز آگهی می شود.
تاریخ انتشار نوبت اول: ۱۴۰۴/۶/۲۹ - تاریخ انتشار نوبت دوم: ۱۴۰۴/۷/۱۳
افشار - سرپرست ثبت بهبهان
